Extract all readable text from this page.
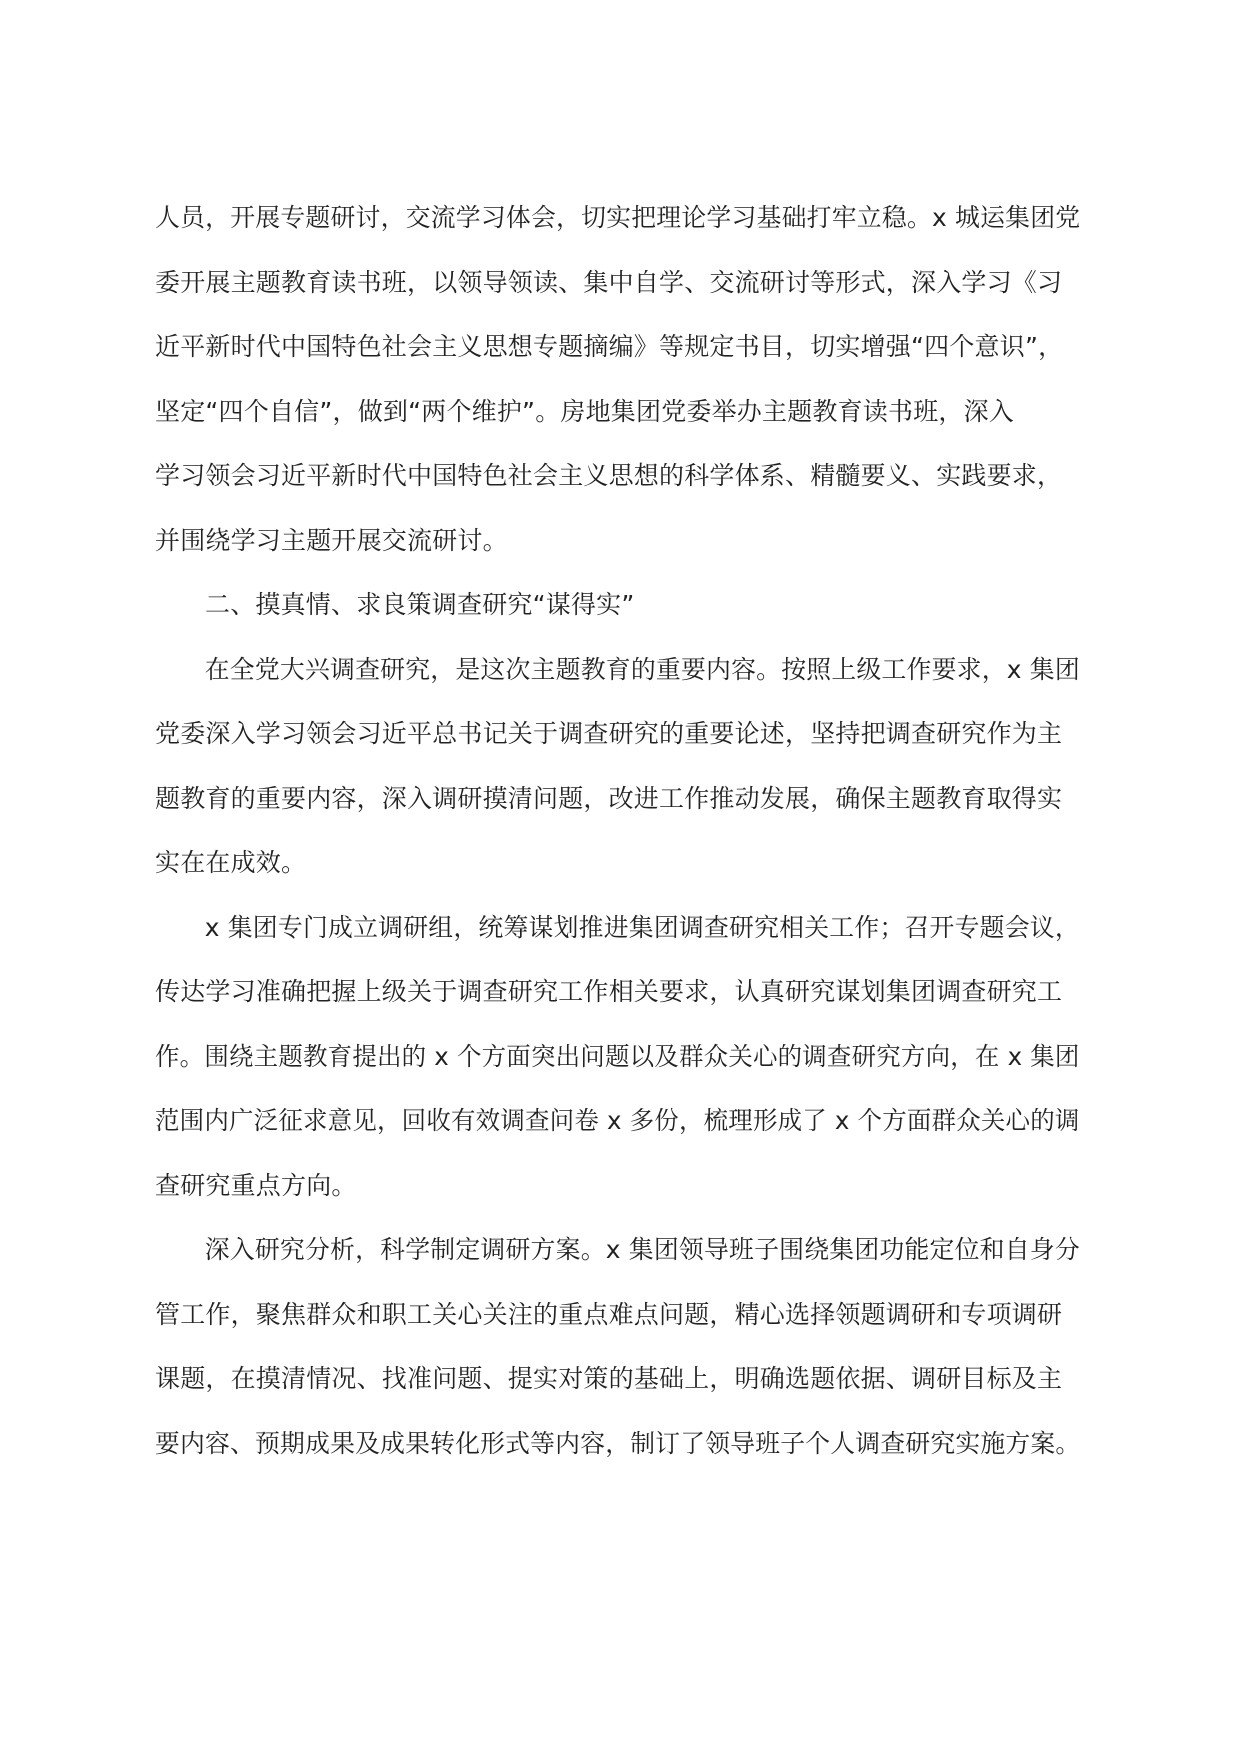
人员，开展专题研讨，交流学习体会，切实把理论学习基础打牢立稳。x 城运集团党
委开展主题教育读书班，以领导领读、集中自学、交流研讨等形式，深入学习《习
近平新时代中国特色社会主义思想专题摘编》等规定书目，切实增强“四个意识”，
坚定“四个自信”，做到“两个维护”。房地集团党委举办主题教育读书班，深入
学习领会习近平新时代中国特色社会主义思想的科学体系、精髓要义、实践要求，
并围绕学习主题开展交流研讨。
二、摸真情、求良策调查研究“谋得实”
在全党大兴调查研究，是这次主题教育的重要内容。按照上级工作要求，x 集团
党委深入学习领会习近平总书记关于调查研究的重要论述，坚持把调查研究作为主
题教育的重要内容，深入调研摸清问题，改进工作推动发展，确保主题教育取得实
实在在成效。
x 集团专门成立调研组，统筹谋划推进集团调查研究相关工作；召开专题会议，
传达学习准确把握上级关于调查研究工作相关要求，认真研究谋划集团调查研究工
作。围绕主题教育提出的 x 个方面突出问题以及群众关心的调查研究方向，在 x 集团
范围内广泛征求意见，回收有效调查问卷 x 多份，梳理形成了 x 个方面群众关心的调
查研究重点方向。
深入研究分析，科学制定调研方案。x 集团领导班子围绕集团功能定位和自身分
管工作，聚焦群众和职工关心关注的重点难点问题，精心选择领题调研和专项调研
课题，在摸清情况、找准问题、提实对策的基础上，明确选题依据、调研目标及主
要内容、预期成果及成果转化形式等内容，制订了领导班子个人调查研究实施方案。
